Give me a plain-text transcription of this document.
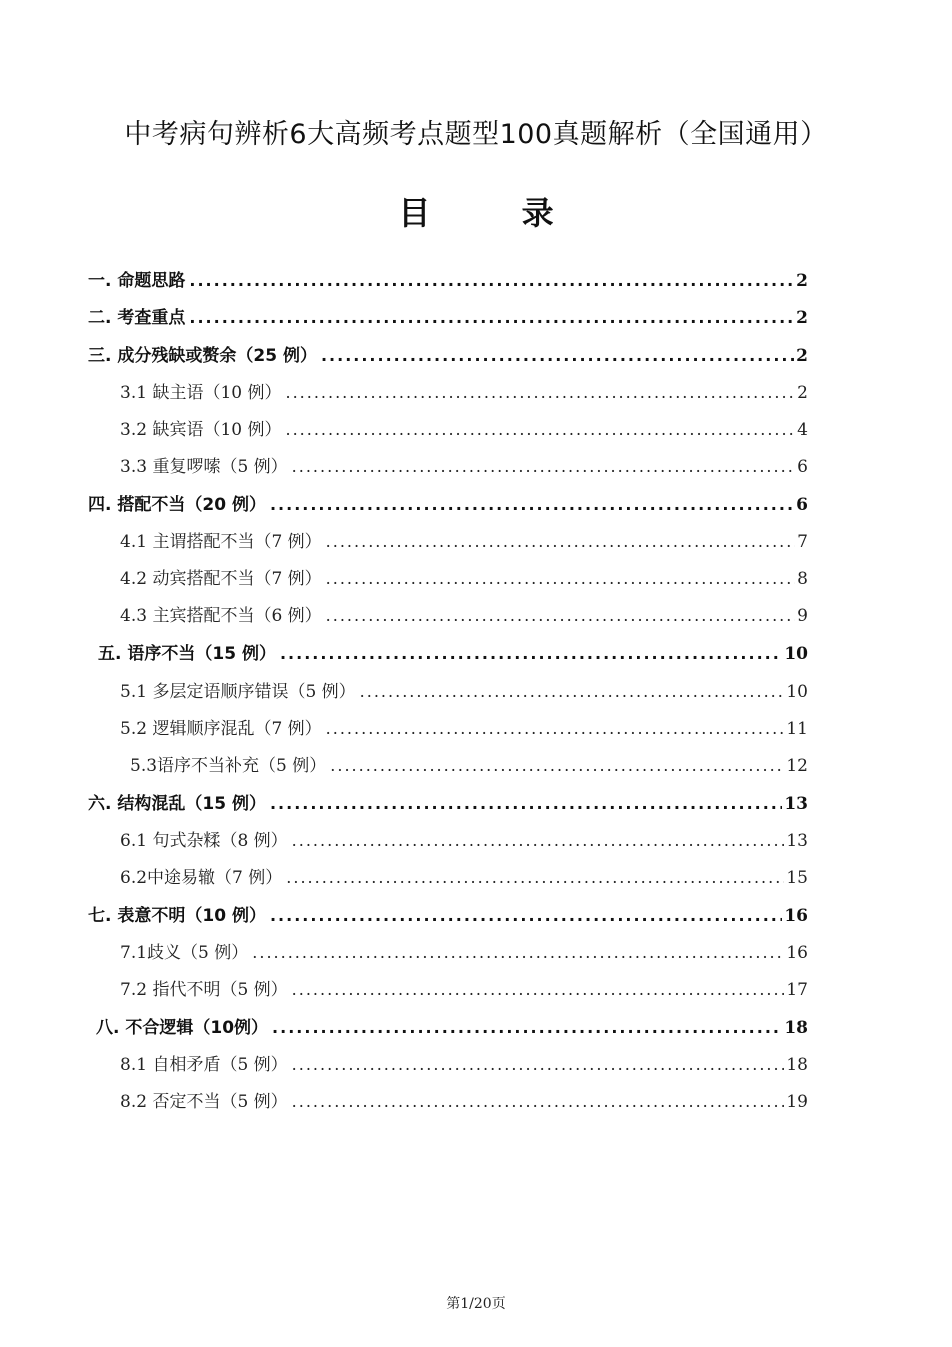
中考病句辨析6大高频考点题型100真题解析（全国通用）
目 录
一. 命题思路 .....	2
二. 考查重点 .....	2
三. 成分残缺或赘余（25 例） .....	2
3.1 缺主语（10 例） .....	2
3.2 缺宾语（10 例） .....	4
3.3 重复啰嗦（5 例） .....	6
四. 搭配不当（20 例） .....	6
4.1 主谓搭配不当（7 例） .....	7
4.2 动宾搭配不当（7 例） .....	8
4.3 主宾搭配不当（6 例） .....	9
五. 语序不当（15 例） .....	10
5.1 多层定语顺序错误（5 例） .....	10
5.2 逻辑顺序混乱（7 例） .....	11
5.3语序不当补充（5 例） .....	12
六. 结构混乱（15 例） .....	13
6.1 句式杂糅（8 例） .....	13
6.2中途易辙（7 例） .....	15
七. 表意不明（10 例） .....	16
7.1歧义（5 例） .....	16
7.2 指代不明（5 例） .....	17
八. 不合逻辑（10例） .....	18
8.1 自相矛盾（5 例） .....	18
8.2 否定不当（5 例） .....	19
第1/20页
